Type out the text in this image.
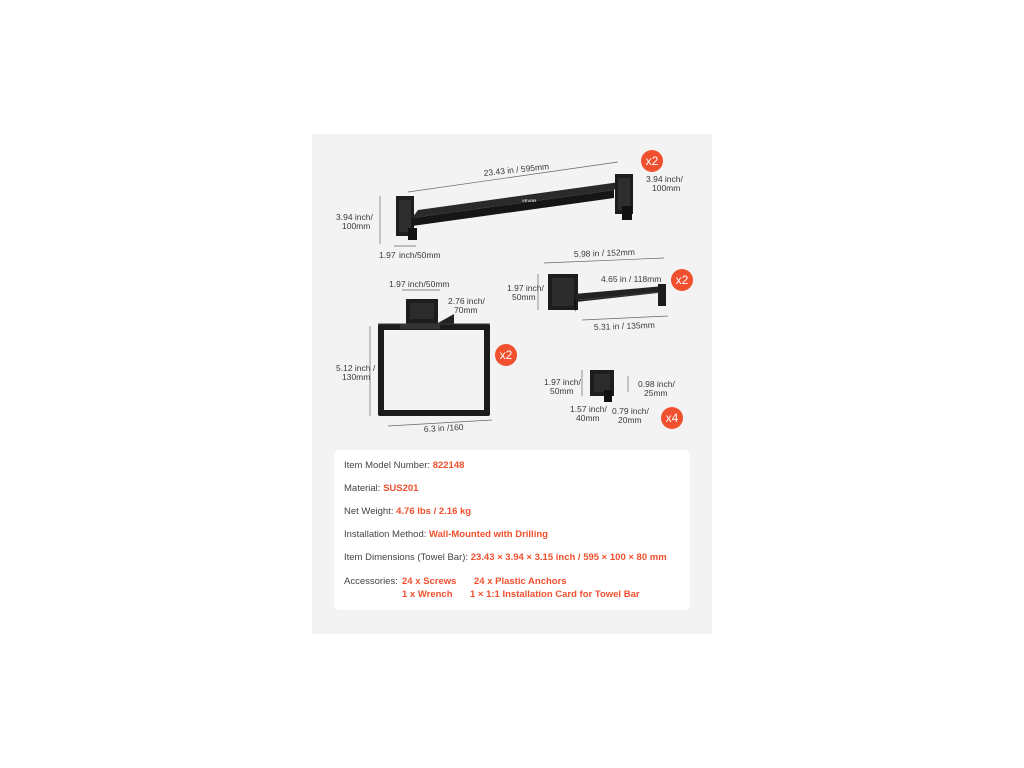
VEVOR
23.43 in / 595mm
3.94 inch/
100mm
3.94 inch/
100mm
1.97 inch/50mm
x2
1.97 inch/50mm
2.76 inch/
70mm
5.12 inch /
130mm
6.3 in /160
x2
5.98 in / 152mm
4.65 in / 118mm
1.97 inch/
50mm
5.31 in / 135mm
x2
1.97 inch/
50mm
0.98 inch/
25mm
1.57 inch/
40mm
0.79 inch/
20mm x4
Item Model Number: 822148
Material: SUS201
Net Weight: 4.76 lbs / 2.16 kg
Installation Method: Wall-Mounted with Drilling
Item Dimensions (Towel Bar): 23.43 × 3.94 × 3.15 inch / 595 × 100 × 80 mm
Accessories: 24 x Screws 24 x Plastic Anchors
1 x Wrench 1 × 1:1 Installation Card for Towel Bar
